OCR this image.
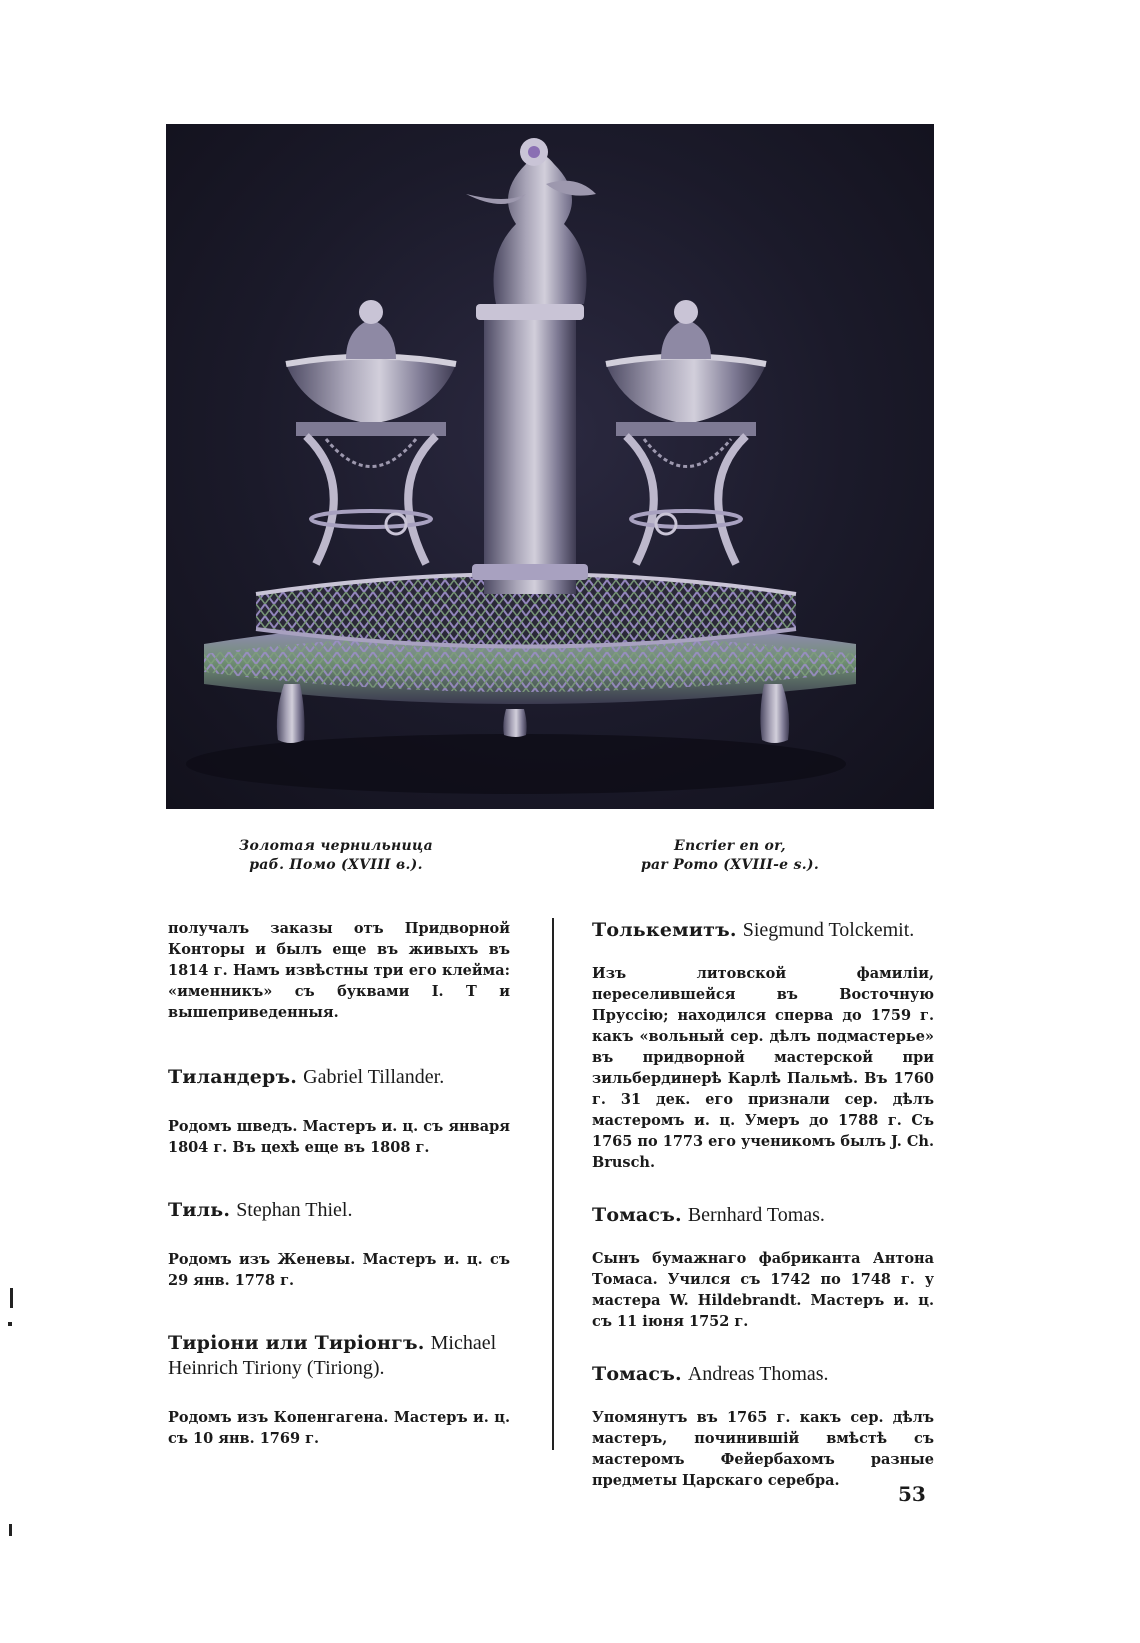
Золотая чернильница
раб. Помо (XVIII в.).
Encrier en or,
par Pomo (XVIII-e s.).

получалъ заказы отъ Придворной Конторы и былъ еще въ живыхъ въ 1814 г. Намъ извѣстны три его клейма: «именникъ» съ буквами I. T и вышеприведенныя.

Тиландеръ. Gabriel Tillander.

Родомъ шведъ. Мастеръ и. ц. съ января 1804 г. Въ цехѣ еще въ 1808 г.

Тиль. Stephan Thiel.

Родомъ изъ Женевы. Мастеръ и. ц. съ 29 янв. 1778 г.

Тиріони или Тиріонгъ. Michael Heinrich Tiriony (Tiriong).

Родомъ изъ Копенгагена. Мастеръ и. ц. съ 10 янв. 1769 г.

Толькемитъ. Siegmund Tolckemit.

Изъ литовской фамиліи, переселившейся въ Восточную Пруссію; находился сперва до 1759 г. какъ «вольный сер. дѣлъ подмастерье» въ придворной мастерской при зильбердинерѣ Карлѣ Пальмѣ. Въ 1760 г. 31 дек. его признали сер. дѣлъ мастеромъ и. ц. Умеръ до 1788 г. Съ 1765 по 1773 его ученикомъ былъ J. Ch. Brusch.

Томасъ. Bernhard Tomas.

Сынъ бумажнаго фабриканта Антона Томаса. Учился съ 1742 по 1748 г. у мастера W. Hildebrandt. Мастеръ и. ц. съ 11 іюня 1752 г.

Томасъ. Andreas Thomas.

Упомянутъ въ 1765 г. какъ сер. дѣлъ мастеръ, починившій вмѣстѣ съ мастеромъ Фейербахомъ разные предметы Царскаго серебра.

53
